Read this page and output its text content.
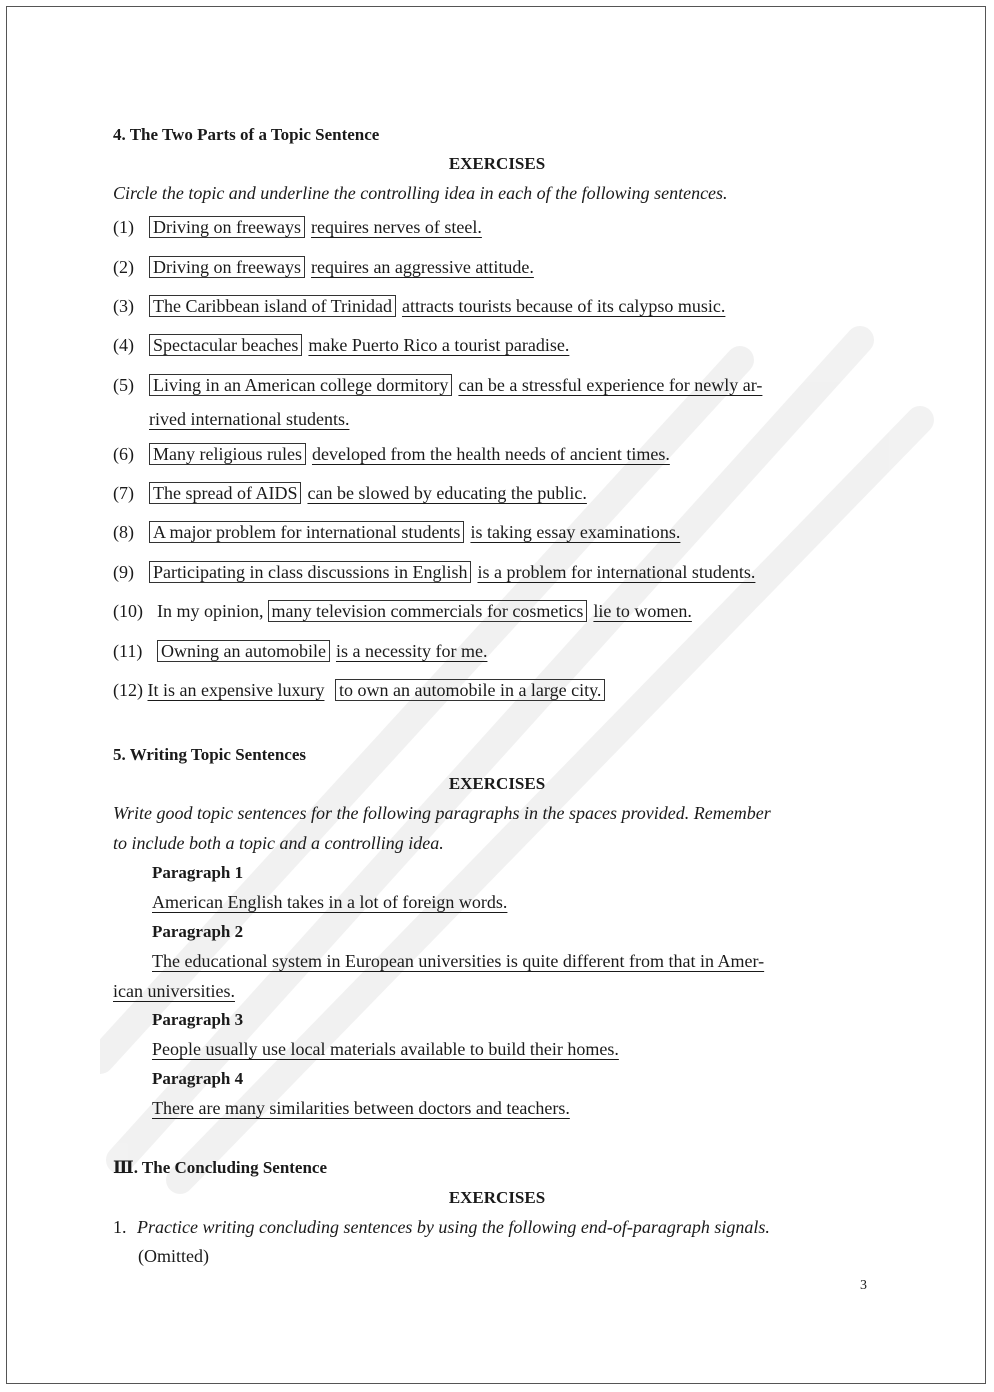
4. The Two Parts of a Topic Sentence
EXERCISES
Circle the topic and underline the controlling idea in each of the following sentences.
(1) Driving on freeways requires nerves of steel.
(2) Driving on freeways requires an aggressive attitude.
(3) The Caribbean island of Trinidad attracts tourists because of its calypso music.
(4) Spectacular beaches make Puerto Rico a tourist paradise.
(5) Living in an American college dormitory can be a stressful experience for newly ar-
rived international students.
(6) Many religious rules developed from the health needs of ancient times.
(7) The spread of AIDS can be slowed by educating the public.
(8) A major problem for international students is taking essay examinations.
(9) Participating in class discussions in English is a problem for international students.
(10) In my opinion, many television commercials for cosmetics lie to women.
(11) Owning an automobile is a necessity for me.
(12) It is an expensive luxury to own an automobile in a large city.
5. Writing Topic Sentences
EXERCISES
Write good topic sentences for the following paragraphs in the spaces provided. Remember
to include both a topic and a controlling idea.
Paragraph 1
American English takes in a lot of foreign words.
Paragraph 2
The educational system in European universities is quite different from that in Amer-
ican universities.
Paragraph 3
People usually use local materials available to build their homes.
Paragraph 4
There are many similarities between doctors and teachers.
Ⅲ. The Concluding Sentence
EXERCISES
1. Practice writing concluding sentences by using the following end-of-paragraph signals.
(Omitted)
3
